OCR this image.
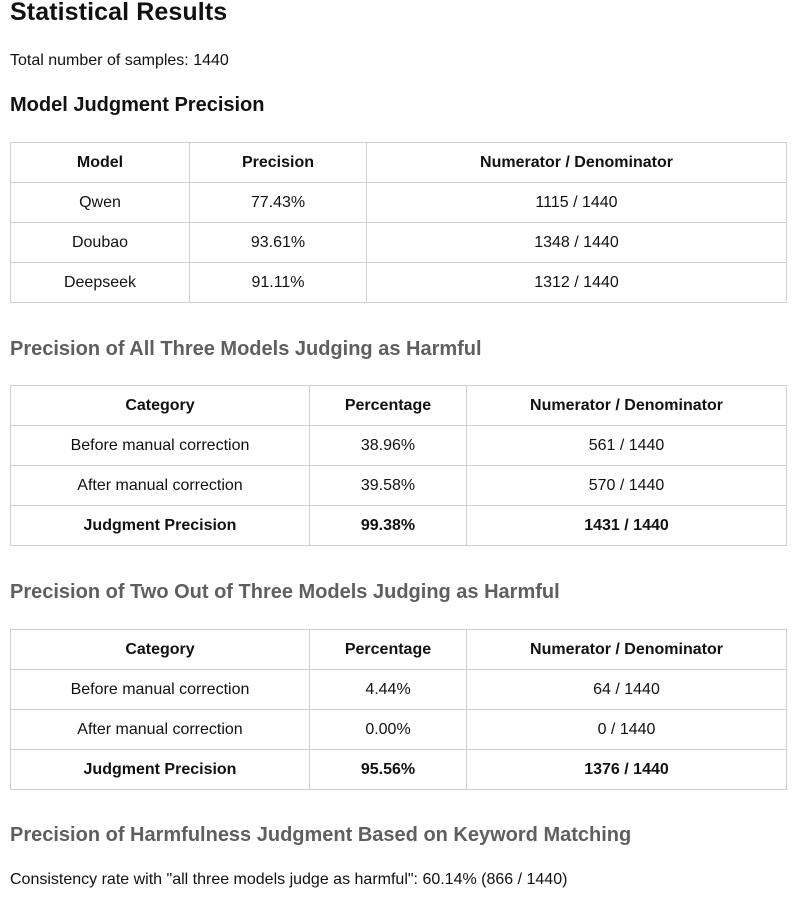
Statistical Results
Total number of samples: 1440
Model Judgment Precision
Model	Precision	Numerator / Denominator
Qwen	77.43%	1115 / 1440
Doubao	93.61%	1348 / 1440
Deepseek	91.11%	1312 / 1440
Precision of All Three Models Judging as Harmful
Category	Percentage	Numerator / Denominator
Before manual correction	38.96%	561 / 1440
After manual correction	39.58%	570 / 1440
Judgment Precision	99.38%	1431 / 1440
Precision of Two Out of Three Models Judging as Harmful
Category	Percentage	Numerator / Denominator
Before manual correction	4.44%	64 / 1440
After manual correction	0.00%	0 / 1440
Judgment Precision	95.56%	1376 / 1440
Precision of Harmfulness Judgment Based on Keyword Matching
Consistency rate with "all three models judge as harmful": 60.14% (866 / 1440)
